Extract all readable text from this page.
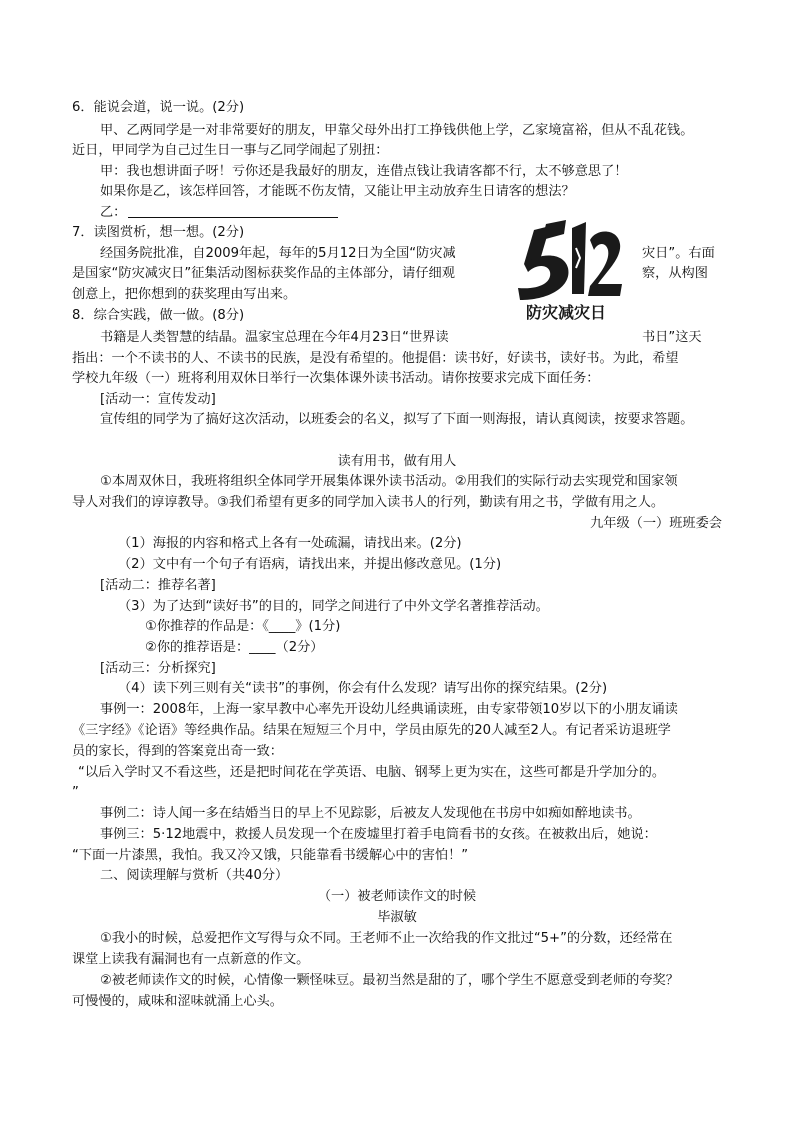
6．能说会道，说一说。(2分)
甲、乙两同学是一对非常要好的朋友，甲靠父母外出打工挣钱供他上学，乙家境富裕，但从不乱花钱。
近日，甲同学为自己过生日一事与乙同学闹起了别扭：
甲：我也想讲面子呀！亏你还是我最好的朋友，连借点钱让我请客都不行，太不够意思了！
如果你是乙，该怎样回答，才能既不伤友情，又能让甲主动放弃生日请客的想法？
乙：
7．读图赏析，想一想。(2分)
经国务院批准，自2009年起，每年的5月12日为全国“防灾减	灾日”。右面
是国家“防灾减灾日”征集活动图标获奖作品的主体部分，请仔细观	察，从构图
创意上，把你想到的获奖理由写出来。
防灾减灾日
8．综合实践，做一做。(8分)
书籍是人类智慧的结晶。温家宝总理在今年4月23日“世界读	书日”这天
指出：一个不读书的人、不读书的民族，是没有希望的。他提倡：读书好，好读书，读好书。为此，希望
学校九年级（一）班将利用双休日举行一次集体课外读书活动。请你按要求完成下面任务：
[活动一：宣传发动]
宣传组的同学为了搞好这次活动，以班委会的名义，拟写了下面一则海报，请认真阅读，按要求答题。
读有用书，做有用人
①本周双休日，我班将组织全体同学开展集体课外读书活动。②用我们的实际行动去实现党和国家领
导人对我们的谆谆教导。③我们希望有更多的同学加入读书人的行列，勤读有用之书，学做有用之人。
九年级（一）班班委会
（1）海报的内容和格式上各有一处疏漏，请找出来。(2分)
（2）文中有一个句子有语病，请找出来，并提出修改意见。(1分)
[活动二：推荐名著]
（3）为了达到“读好书”的目的，同学之间进行了中外文学名著推荐活动。
①你推荐的作品是：《____》(1分)
②你的推荐语是：____（2分）
[活动三：分析探究]
（4）读下列三则有关“读书”的事例，你会有什么发现？请写出你的探究结果。(2分)
事例一：2008年，上海一家早教中心率先开设幼儿经典诵读班，由专家带领10岁以下的小朋友诵读
《三字经》《论语》等经典作品。结果在短短三个月中，学员由原先的20人减至2人。有记者采访退班学
员的家长，得到的答案竟出奇一致：
“以后入学时又不看这些，还是把时间花在学英语、电脑、钢琴上更为实在，这些可都是升学加分的。
”
事例二：诗人闻一多在结婚当日的早上不见踪影，后被友人发现他在书房中如痴如醉地读书。
事例三：5·12地震中，救援人员发现一个在废墟里打着手电筒看书的女孩。在被救出后，她说：
“下面一片漆黑，我怕。我又冷又饿，只能靠看书缓解心中的害怕！”
二、阅读理解与赏析（共40分）
（一）被老师读作文的时候
毕淑敏
①我小的时候，总爱把作文写得与众不同。王老师不止一次给我的作文批过“5+”的分数，还经常在
课堂上读我有漏洞也有一点新意的作文。
②被老师读作文的时候，心情像一颗怪味豆。最初当然是甜的了，哪个学生不愿意受到老师的夸奖？
可慢慢的，咸味和涩味就涌上心头。
